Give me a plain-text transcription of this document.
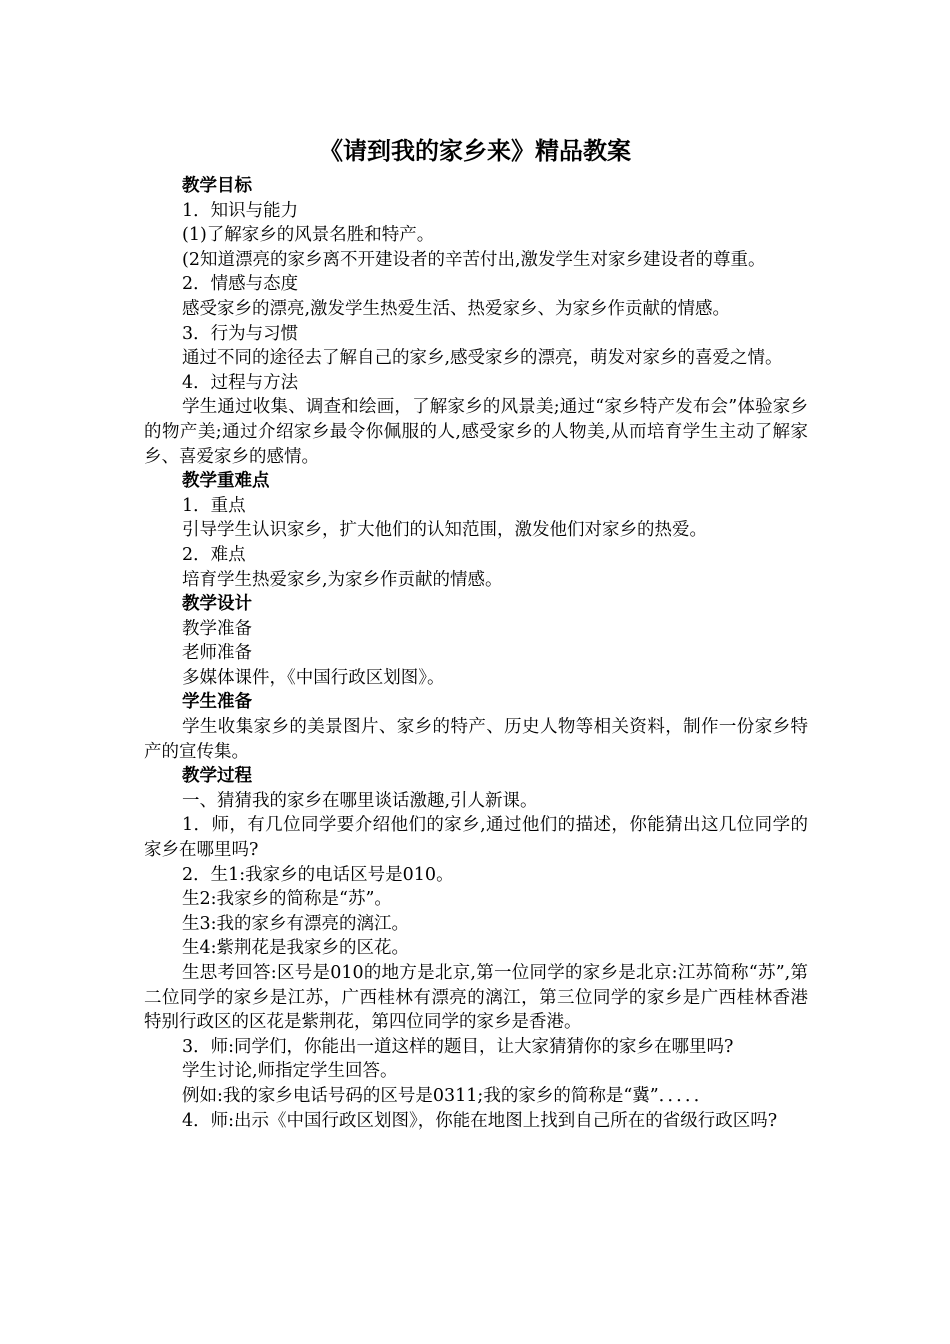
《请到我的家乡来》精品教案

教学目标

1．知识与能力

(1)了解家乡的风景名胜和特产。

(2知道漂亮的家乡离不开建设者的辛苦付出,激发学生对家乡建设者的尊重。

2．情感与态度

感受家乡的漂亮,激发学生热爱生活、热爱家乡、为家乡作贡献的情感。

3．行为与习惯

通过不同的途径去了解自己的家乡,感受家乡的漂亮，萌发对家乡的喜爱之情。

4．过程与方法

学生通过收集、调查和绘画，了解家乡的风景美;通过“家乡特产发布会”体验家乡的物产美;通过介绍家乡最令你佩服的人,感受家乡的人物美,从而培育学生主动了解家乡、喜爱家乡的感情。

教学重难点

1．重点

引导学生认识家乡，扩大他们的认知范围，激发他们对家乡的热爱。

2．难点

培育学生热爱家乡,为家乡作贡献的情感。

教学设计

教学准备

老师准备

多媒体课件，《中国行政区划图》。

学生准备

学生收集家乡的美景图片、家乡的特产、历史人物等相关资料，制作一份家乡特产的宣传集。

教学过程

一、猜猜我的家乡在哪里谈话激趣,引人新课。

1．师，有几位同学要介绍他们的家乡,通过他们的描述，你能猜出这几位同学的家乡在哪里吗?

2．生1:我家乡的电话区号是010。

生2:我家乡的简称是“苏”。

生3:我的家乡有漂亮的漓江。

生4:紫荆花是我家乡的区花。

生思考回答:区号是010的地方是北京,第一位同学的家乡是北京:江苏简称“苏”,第二位同学的家乡是江苏，广西桂林有漂亮的漓江，第三位同学的家乡是广西桂林香港特别行政区的区花是紫荆花，第四位同学的家乡是香港。

3．师:同学们，你能出一道这样的题目，让大家猜猜你的家乡在哪里吗?

学生讨论,师指定学生回答。

例如:我的家乡电话号码的区号是0311;我的家乡的简称是“冀”．．．．．

4．师:出示《中国行政区划图》，你能在地图上找到自己所在的省级行政区吗?
